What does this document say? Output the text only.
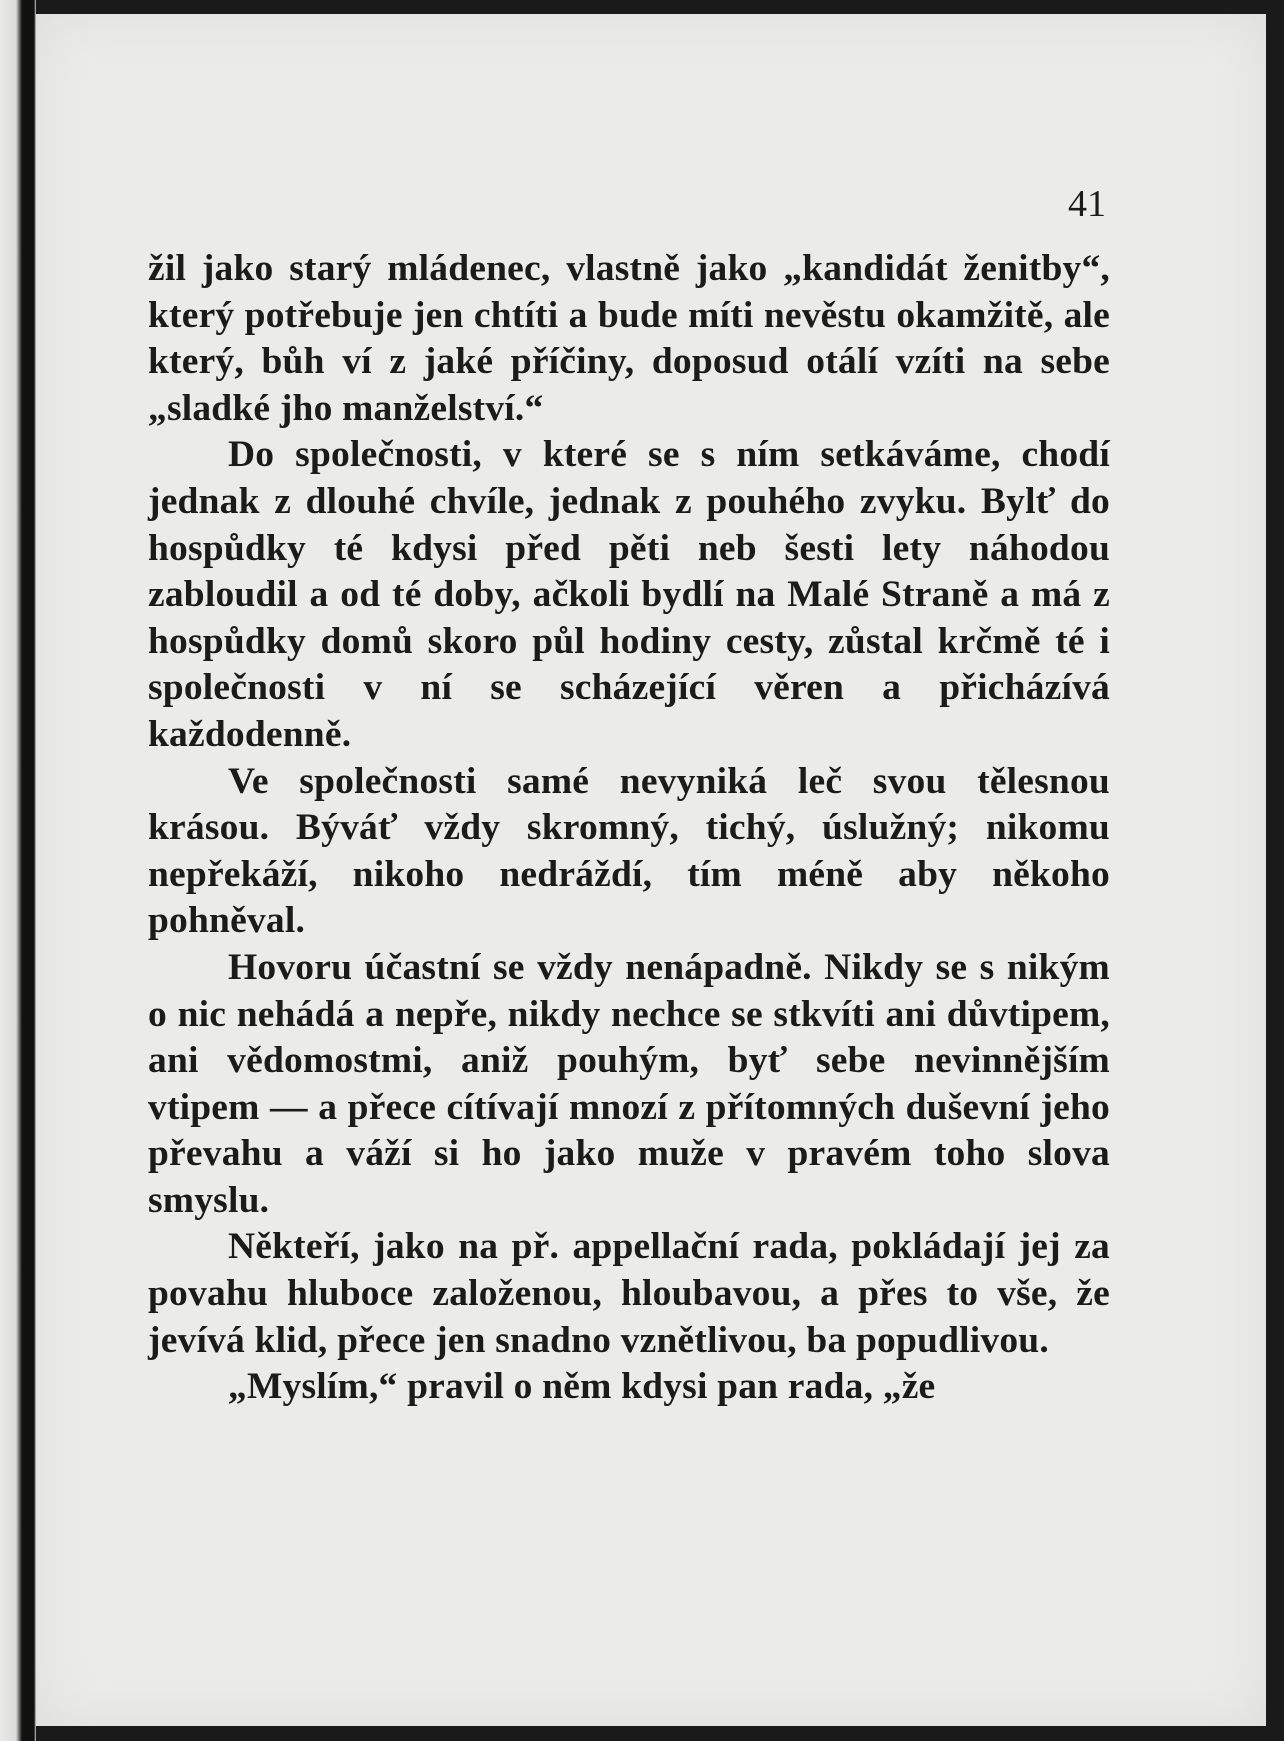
41

žil jako starý mládenec, vlastně jako „kandidát ženitby“, který potřebuje jen chtíti a bude míti nevěstu okamžitě, ale který, bůh ví z jaké příčiny, doposud otálí vzíti na sebe „sladké jho manželství.“

Do společnosti, v které se s ním setkáváme, chodí jednak z dlouhé chvíle, jednak z pouhého zvyku. Bylť do hospůdky té kdysi před pěti neb šesti lety náhodou zabloudil a od té doby, ačkoli bydlí na Malé Straně a má z hospůdky domů skoro půl hodiny cesty, zůstal krčmě té i společnosti v ní se scházející věren a přicházívá každodenně.

Ve společnosti samé nevyniká leč svou tělesnou krásou. Býváť vždy skromný, tichý, úslužný; nikomu nepřekáží, nikoho nedráždí, tím méně aby někoho pohněval.

Hovoru účastní se vždy nenápadně. Nikdy se s nikým o nic nehádá a nepře, nikdy nechce se stkvíti ani důvtipem, ani vědomostmi, aniž pouhým, byť sebe nevinnějším vtipem — a přece cítívají mnozí z přítomných duševní jeho převahu a váží si ho jako muže v pravém toho slova smyslu.

Někteří, jako na př. appellační rada, pokládají jej za povahu hluboce založenou, hloubavou, a přes to vše, že jevívá klid, přece jen snadno vznětlivou, ba popudlivou.

„Myslím,“ pravil o něm kdysi pan rada, „že
